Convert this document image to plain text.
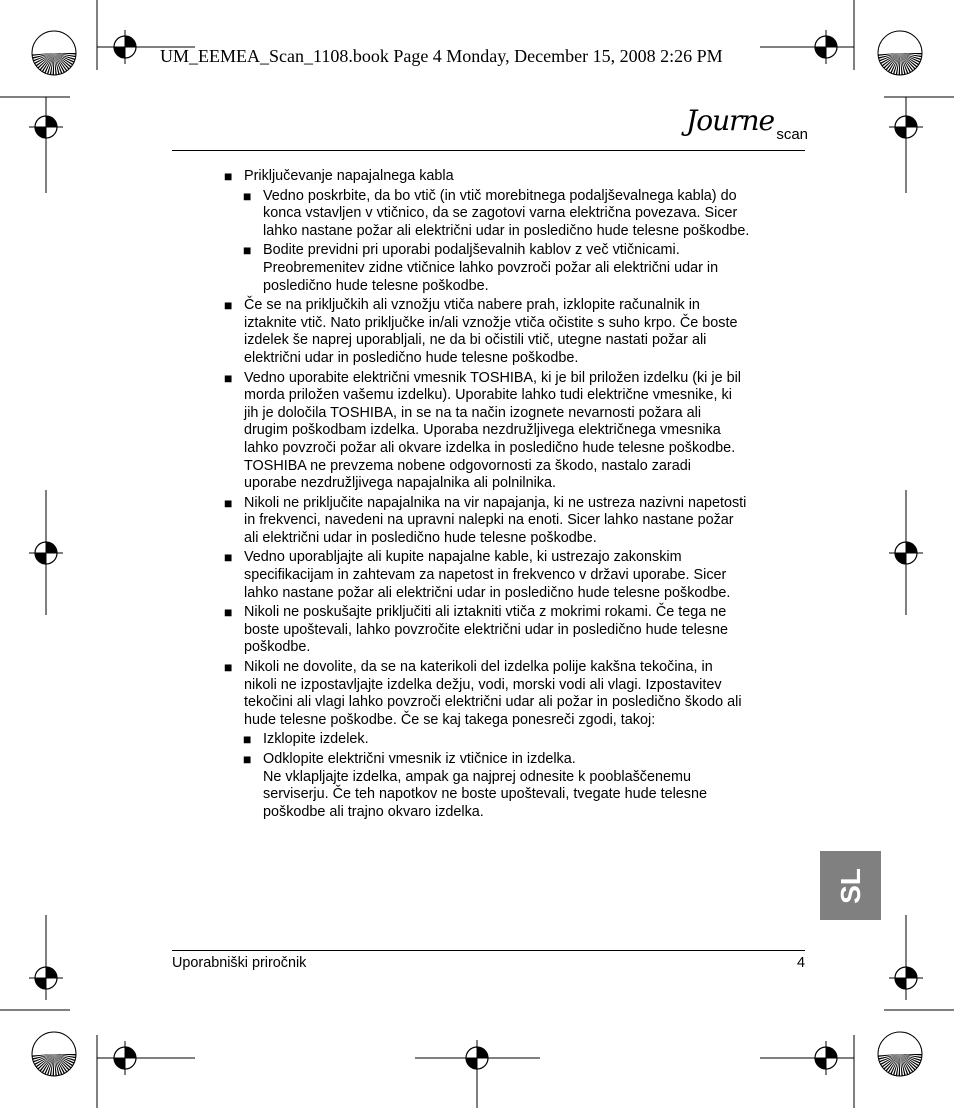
UM_EEMEA_Scan_1108.book Page 4 Monday, December 15, 2008 2:26 PM
Journe scan
■ Priključevanje napajalnega kabla
■ Vedno poskrbite, da bo vtič (in vtič morebitnega podaljševalnega kabla) do
konca vstavljen v vtičnico, da se zagotovi varna električna povezava. Sicer
lahko nastane požar ali električni udar in posledično hude telesne poškodbe.
■ Bodite previdni pri uporabi podaljševalnih kablov z več vtičnicami.
Preobremenitev zidne vtičnice lahko povzroči požar ali električni udar in
posledično hude telesne poškodbe.
■ Če se na priključkih ali vznožju vtiča nabere prah, izklopite računalnik in
iztaknite vtič. Nato priključke in/ali vznožje vtiča očistite s suho krpo. Če boste
izdelek še naprej uporabljali, ne da bi očistili vtič, utegne nastati požar ali
električni udar in posledično hude telesne poškodbe.
■ Vedno uporabite električni vmesnik TOSHIBA, ki je bil priložen izdelku (ki je bil
morda priložen vašemu izdelku). Uporabite lahko tudi električne vmesnike, ki
jih je določila TOSHIBA, in se na ta način izognete nevarnosti požara ali
drugim poškodbam izdelka. Uporaba nezdružljivega električnega vmesnika
lahko povzroči požar ali okvare izdelka in posledično hude telesne poškodbe.
TOSHIBA ne prevzema nobene odgovornosti za škodo, nastalo zaradi
uporabe nezdružljivega napajalnika ali polnilnika.
■ Nikoli ne priključite napajalnika na vir napajanja, ki ne ustreza nazivni napetosti
in frekvenci, navedeni na upravni nalepki na enoti. Sicer lahko nastane požar
ali električni udar in posledično hude telesne poškodbe.
■ Vedno uporabljajte ali kupite napajalne kable, ki ustrezajo zakonskim
specifikacijam in zahtevam za napetost in frekvenco v državi uporabe. Sicer
lahko nastane požar ali električni udar in posledično hude telesne poškodbe.
■ Nikoli ne poskušajte priključiti ali iztakniti vtiča z mokrimi rokami. Če tega ne
boste upoštevali, lahko povzročite električni udar in posledično hude telesne
poškodbe.
■ Nikoli ne dovolite, da se na katerikoli del izdelka polije kakšna tekočina, in
nikoli ne izpostavljajte izdelka dežju, vodi, morski vodi ali vlagi. Izpostavitev
tekočini ali vlagi lahko povzroči električni udar ali požar in posledično škodo ali
hude telesne poškodbe. Če se kaj takega ponesreči zgodi, takoj:
■ Izklopite izdelek.
■ Odklopite električni vmesnik iz vtičnice in izdelka.
Ne vklapljajte izdelka, ampak ga najprej odnesite k pooblaščenemu
serviserju. Če teh napotkov ne boste upoštevali, tvegate hude telesne
poškodbe ali trajno okvaro izdelka.
SL
Uporabniški priročnik	4
